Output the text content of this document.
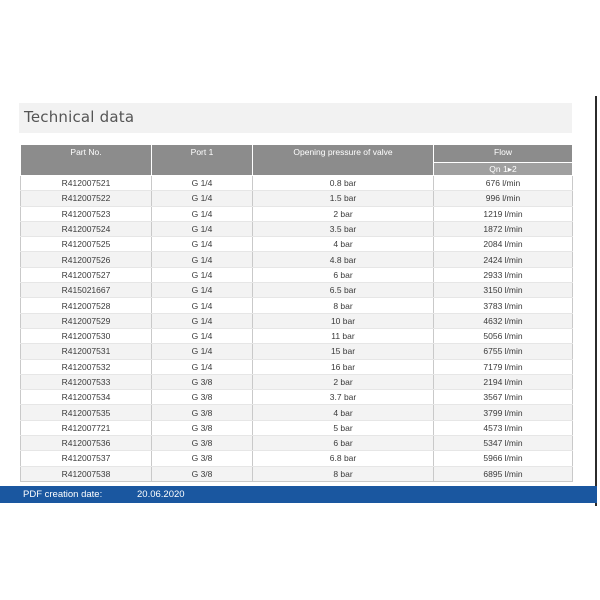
Technical data
Part No.	Port 1	Opening pressure of valve	Flow
			Qn 1▸2
R412007521	G 1/4	0.8 bar	676 l/min
R412007522	G 1/4	1.5 bar	996 l/min
R412007523	G 1/4	2 bar	1219 l/min
R412007524	G 1/4	3.5 bar	1872 l/min
R412007525	G 1/4	4 bar	2084 l/min
R412007526	G 1/4	4.8 bar	2424 l/min
R412007527	G 1/4	6 bar	2933 l/min
R415021667	G 1/4	6.5 bar	3150 l/min
R412007528	G 1/4	8 bar	3783 l/min
R412007529	G 1/4	10 bar	4632 l/min
R412007530	G 1/4	11 bar	5056 l/min
R412007531	G 1/4	15 bar	6755 l/min
R412007532	G 1/4	16 bar	7179 l/min
R412007533	G 3/8	2 bar	2194 l/min
R412007534	G 3/8	3.7 bar	3567 l/min
R412007535	G 3/8	4 bar	3799 l/min
R412007721	G 3/8	5 bar	4573 l/min
R412007536	G 3/8	6 bar	5347 l/min
R412007537	G 3/8	6.8 bar	5966 l/min
R412007538	G 3/8	8 bar	6895 l/min
PDF creation date:	20.06.2020
